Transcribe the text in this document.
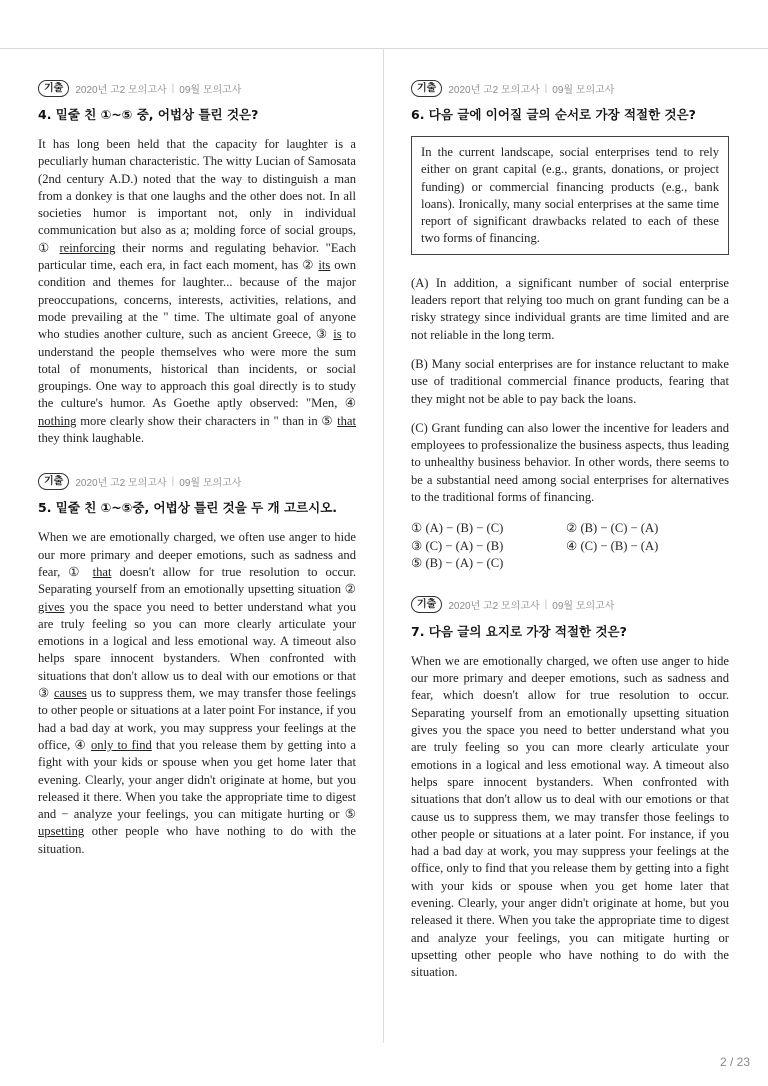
기출	2020년 고2 모의고사 | 09월 모의고사
4. 밑줄 친 ①~⑤ 중, 어법상 틀린 것은?

It has long been held that the capacity for laughter is a peculiarly human characteristic. The witty Lucian of Samosata (2nd century A.D.) noted that the way to distinguish a man from a donkey is that one laughs and the other does not. In all societies humor is important not, only in individual communication but also as a; molding force of social groups, ① reinforcing their norms and regulating behavior. "Each particular time, each era, in fact each moment, has ② its own condition and themes for laughter... because of the major preoccupations, concerns, interests, activities, relations, and mode prevailing at the " time. The ultimate goal of anyone who studies another culture, such as ancient Greece, ③ is to understand the people themselves who were more the sum total of monuments, historical than incidents, or social groupings. One way to approach this goal directly is to study the culture's humor. As Goethe aptly observed: "Men, ④ nothing more clearly show their characters in " than in ⑤ that they think laughable.

기출	2020년 고2 모의고사 | 09월 모의고사
5. 밑줄 친 ①~⑤중, 어법상 틀린 것을 두 개 고르시오.

When we are emotionally charged, we often use anger to hide our more primary and deeper emotions, such as sadness and fear, ① that doesn't allow for true resolution to occur. Separating yourself from an emotionally upsetting situation ② gives you the space you need to better understand what you are truly feeling so you can more clearly articulate your emotions in a logical and less emotional way. A timeout also helps spare innocent bystanders. When confronted with situations that don't allow us to deal with our emotions or that ③ causes us to suppress them, we may transfer those feelings to other people or situations at a later point For instance, if you had a bad day at work, you may suppress your feelings at the office, ④ only to find that you release them by getting into a fight with your kids or spouse when you get home later that evening. Clearly, your anger didn't originate at home, but you released it there. When you take the appropriate time to digest and − analyze your feelings, you can mitigate hurting or ⑤ upsetting other people who have nothing to do with the situation.

기출	2020년 고2 모의고사 | 09월 모의고사
6. 다음 글에 이어질 글의 순서로 가장 적절한 것은?

In the current landscape, social enterprises tend to rely either on grant capital (e.g., grants, donations, or project funding) or commercial financing products (e.g., bank loans). Ironically, many social enterprises at the same time report of significant drawbacks related to each of these two forms of financing.

(A) In addition, a significant number of social enterprise leaders report that relying too much on grant funding can be a risky strategy since individual grants are time limited and are not reliable in the long term.

(B) Many social enterprises are for instance reluctant to make use of traditional commercial finance products, fearing that they might not be able to pay back the loans.

(C) Grant funding can also lower the incentive for leaders and employees to professionalize the business aspects, thus leading to unhealthy business behavior. In other words, there seems to be a substantial need among social enterprises for alternatives to the traditional forms of financing.

① (A) − (B) − (C)	② (B) − (C) − (A)
③ (C) − (A) − (B)	④ (C) − (B) − (A)
⑤ (B) − (A) − (C)
기출	2020년 고2 모의고사 | 09월 모의고사
7. 다음 글의 요지로 가장 적절한 것은?

When we are emotionally charged, we often use anger to hide our more primary and deeper emotions, such as sadness and fear, which doesn't allow for true resolution to occur. Separating yourself from an emotionally upsetting situation gives you the space you need to better understand what you are truly feeling so you can more clearly articulate your emotions in a logical and less emotional way. A timeout also helps spare innocent bystanders. When confronted with situations that don't allow us to deal with our emotions or that cause us to suppress them, we may transfer those feelings to other people or situations at a later point. For instance, if you had a bad day at work, you may suppress your feelings at the office, only to find that you release them by getting into a fight with your kids or spouse when you get home later that evening. Clearly, your anger didn't originate at home, but you released it there. When you take the appropriate time to digest and analyze your feelings, you can mitigate hurting or upsetting other people who have nothing to do with the situation.

2 / 23
